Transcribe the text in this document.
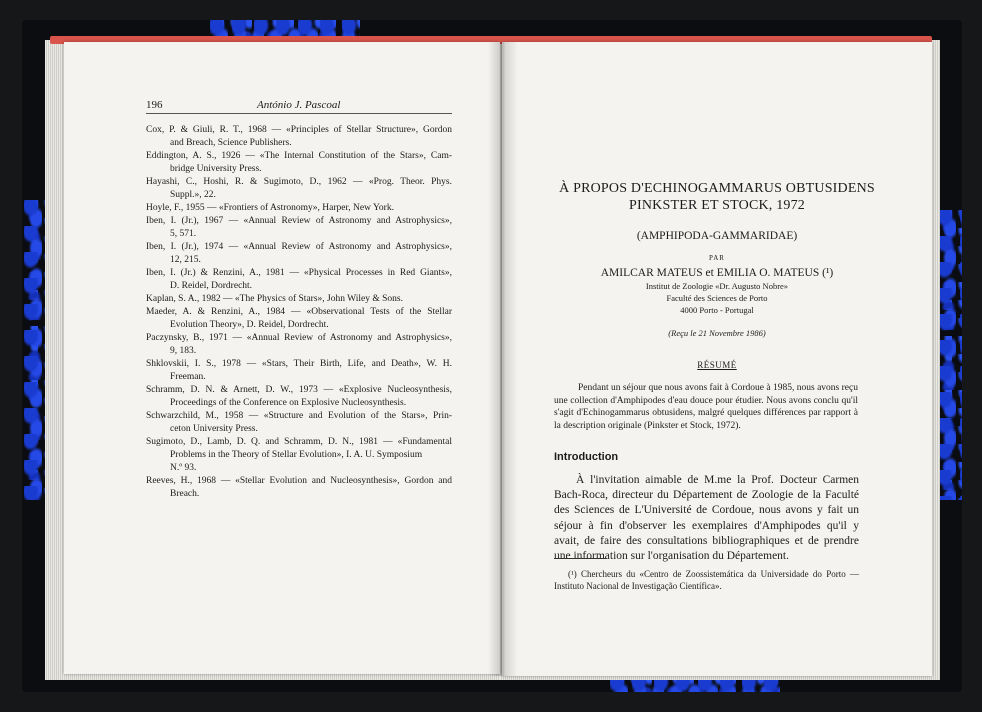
196	António J. Pascoal

Cox, P. & Giuli, R. T., 1968 — «Principles of Stellar Structure», Gordon
and Breach, Science Publishers.
Eddington, A. S., 1926 — «The Internal Constitution of the Stars», Cam-
bridge University Press.
Hayashi, C., Hoshi, R. & Sugimoto, D., 1962 — «Prog. Theor. Phys.
Suppl.», 22.
Hoyle, F., 1955 — «Frontiers of Astronomy», Harper, New York.
Iben, I. (Jr.), 1967 — «Annual Review of Astronomy and Astrophysics»,
5, 571.
Iben, I. (Jr.), 1974 — «Annual Review of Astronomy and Astrophysics»,
12, 215.
Iben, I. (Jr.) & Renzini, A., 1981 — «Physical Processes in Red Giants»,
D. Reidel, Dordrecht.
Kaplan, S. A., 1982 — «The Physics of Stars», John Wiley & Sons.
Maeder, A. & Renzini, A., 1984 — «Observational Tests of the Stellar
Evolution Theory», D. Reidel, Dordrecht.
Paczynsky, B., 1971 — «Annual Review of Astronomy and Astrophysics»,
9, 183.
Shklovskii, I. S., 1978 — «Stars, Their Birth, Life, and Death», W. H.
Freeman.
Schramm, D. N. & Arnett, D. W., 1973 — «Explosive Nucleosynthesis,
Proceedings of the Conference on Explosive Nucleosynthesis.
Schwarzchild, M., 1958 — «Structure and Evolution of the Stars», Prin-
ceton University Press.
Sugimoto, D., Lamb, D. Q. and Schramm, D. N., 1981 — «Fundamental
Problems in the Theory of Stellar Evolution», I. A. U. Symposium
N.º 93.
Reeves, H., 1968 — «Stellar Evolution and Nucleosynthesis», Gordon and
Breach.
À PROPOS D'ECHINOGAMMARUS OBTUSIDENS
PINKSTER ET STOCK, 1972
(AMPHIPODA-GAMMARIDAE)
PAR
AMILCAR MATEUS et EMILIA O. MATEUS (¹)
Institut de Zoologie «Dr. Augusto Nobre»
Faculté des Sciences de Porto
4000 Porto - Portugal
(Reçu le 21 Novembre 1986)
RÉSUMÉ
Pendant un séjour que nous avons fait à Cordoue à 1985, nous avons reçu une collection d'Amphipodes d'eau douce pour étudier. Nous avons conclu qu'il s'agit d'Echinogammarus obtusidens, malgré quelques différences par rapport à la description originale (Pinkster et Stock, 1972).
Introduction
À l'invitation aimable de M.me la Prof. Docteur Carmen Bach-Roca, directeur du Département de Zoologie de la Faculté des Sciences de L'Université de Cordoue, nous avons y fait un séjour à fin d'observer les exemplaires d'Amphipodes qu'il y avait, de faire des consultations bibliographiques et de prendre une information sur l'organisation du Département.
(¹) Chercheurs du «Centro de Zoossistemática da Universidade do Porto — Instituto Nacional de Investigação Científica».
